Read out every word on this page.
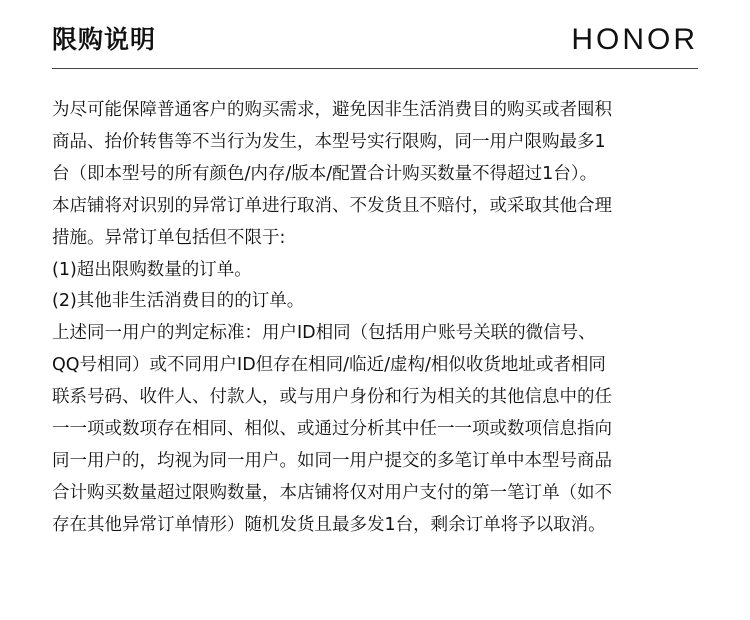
限购说明	HONOR
为尽可能保障普通客户的购买需求，避免因非生活消费目的购买或者囤积
商品、抬价转售等不当行为发生，本型号实行限购，同一用户限购最多1
台（即本型号的所有颜色/内存/版本/配置合计购买数量不得超过1台）。
本店铺将对识别的异常订单进行取消、不发货且不赔付，或采取其他合理
措施。异常订单包括但不限于:
(1)超出限购数量的订单。
(2)其他非生活消费目的的订单。
上述同一用户的判定标准：用户ID相同（包括用户账号关联的微信号、
QQ号相同）或不同用户ID但存在相同/临近/虚构/相似收货地址或者相同
联系号码、收件人、付款人，或与用户身份和行为相关的其他信息中的任
一一项或数项存在相同、相似、或通过分析其中任一一项或数项信息指向
同一用户的，均视为同一用户。如同一用户提交的多笔订单中本型号商品
合计购买数量超过限购数量，本店铺将仅对用户支付的第一笔订单（如不
存在其他异常订单情形）随机发货且最多发1台，剩余订单将予以取消。
